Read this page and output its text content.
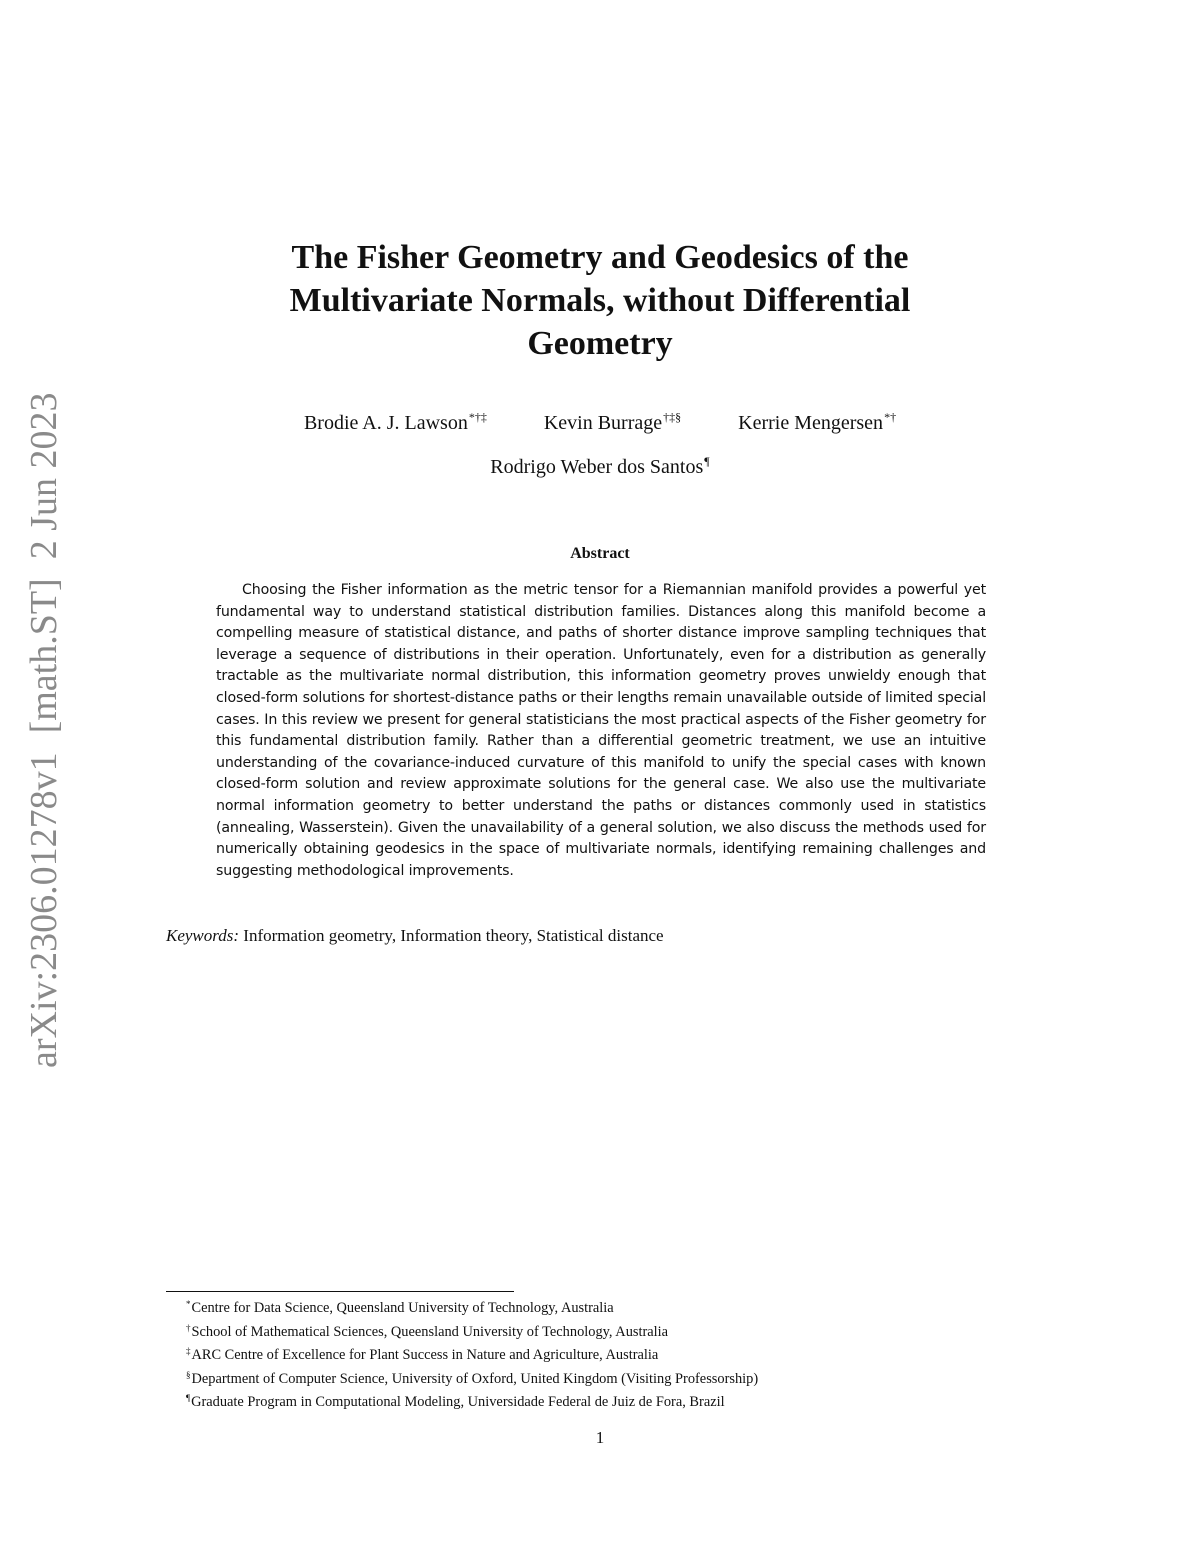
arXiv:2306.01278v1  [math.ST]  2 Jun 2023
The Fisher Geometry and Geodesics of the
Multivariate Normals, without Differential
Geometry
Brodie A. J. Lawson*†‡	Kevin Burrage†‡§	Kerrie Mengersen*†
Rodrigo Weber dos Santos¶
Abstract

Choosing the Fisher information as the metric tensor for a Riemannian manifold provides a powerful yet fundamental way to understand statistical distribution families. Distances along this manifold become a compelling measure of statistical distance, and paths of shorter distance improve sampling techniques that leverage a sequence of distributions in their operation. Unfortunately, even for a distribution as generally tractable as the multivariate normal distribution, this information geometry proves unwieldy enough that closed-form solutions for shortest-distance paths or their lengths remain unavailable outside of limited special cases. In this review we present for general statisticians the most practical aspects of the Fisher geometry for this fundamental distribution family. Rather than a differential geometric treatment, we use an intuitive understanding of the covariance-induced curvature of this manifold to unify the special cases with known closed-form solution and review approximate solutions for the general case. We also use the multivariate normal information geometry to better understand the paths or distances commonly used in statistics (annealing, Wasserstein). Given the unavailability of a general solution, we also discuss the methods used for numerically obtaining geodesics in the space of multivariate normals, identifying remaining challenges and suggesting methodological improvements.

Keywords: Information geometry, Information theory, Statistical distance
*Centre for Data Science, Queensland University of Technology, Australia
†School of Mathematical Sciences, Queensland University of Technology, Australia
‡ARC Centre of Excellence for Plant Success in Nature and Agriculture, Australia
§Department of Computer Science, University of Oxford, United Kingdom (Visiting Professorship)
¶Graduate Program in Computational Modeling, Universidade Federal de Juiz de Fora, Brazil
1
